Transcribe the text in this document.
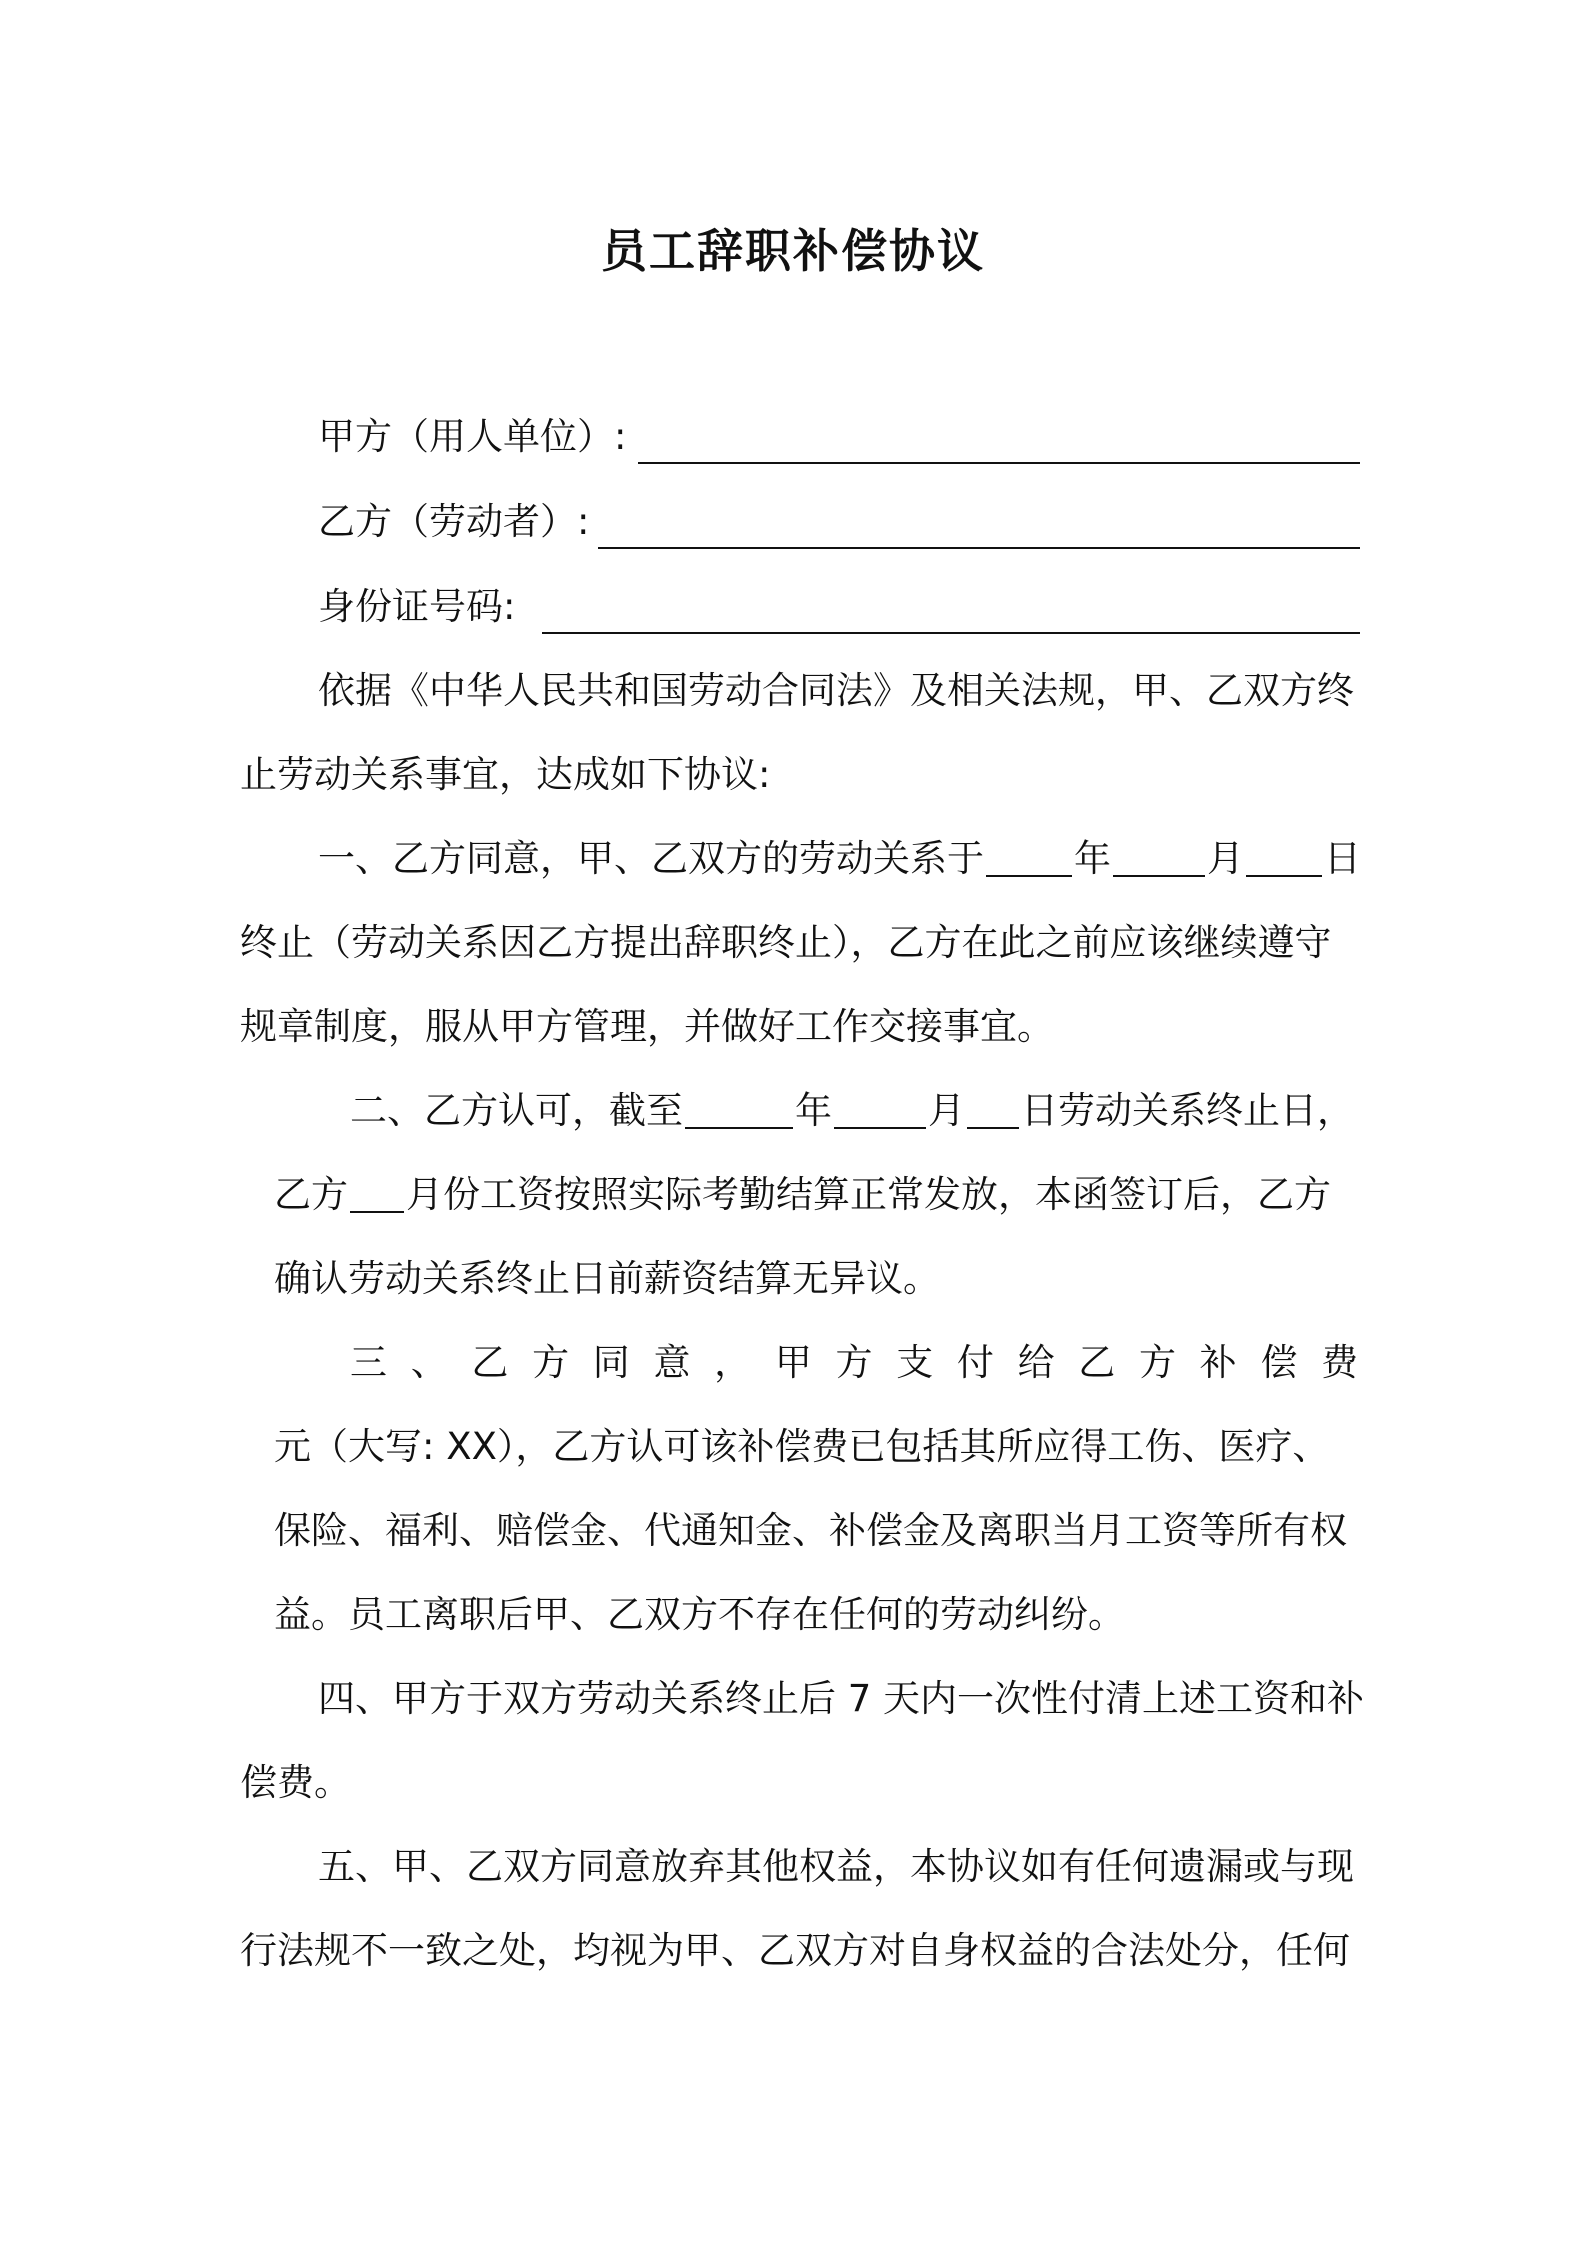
员工辞职补偿协议
甲方（用人单位）:
乙方（劳动者）:
身份证号码:
依据《中华人民共和国劳动合同法》及相关法规，甲、乙双方终
止劳动关系事宜，达成如下协议:
一、乙方同意，甲、乙双方的劳动关系于 年	月 日
终止（劳动关系因乙方提出辞职终止），乙方在此之前应该继续遵守
规章制度，服从甲方管理，并做好工作交接事宜。
二、乙方认可，截至	年	月 日劳动关系终止日，
乙方 月份工资按照实际考勤结算正常发放，本函签订后，乙方
确认劳动关系终止日前薪资结算无异议。
三 、 乙 方 同 意 ， 甲 方 支 付 给 乙 方 补 偿 费
元（大写: XX），乙方认可该补偿费已包括其所应得工伤、医疗、
保险、福利、赔偿金、代通知金、补偿金及离职当月工资等所有权
益。员工离职后甲、乙双方不存在任何的劳动纠纷。
四、甲方于双方劳动关系终止后 7 天内一次性付清上述工资和补
偿费。
五、甲、乙双方同意放弃其他权益，本协议如有任何遗漏或与现
行法规不一致之处，均视为甲、乙双方对自身权益的合法处分，任何
